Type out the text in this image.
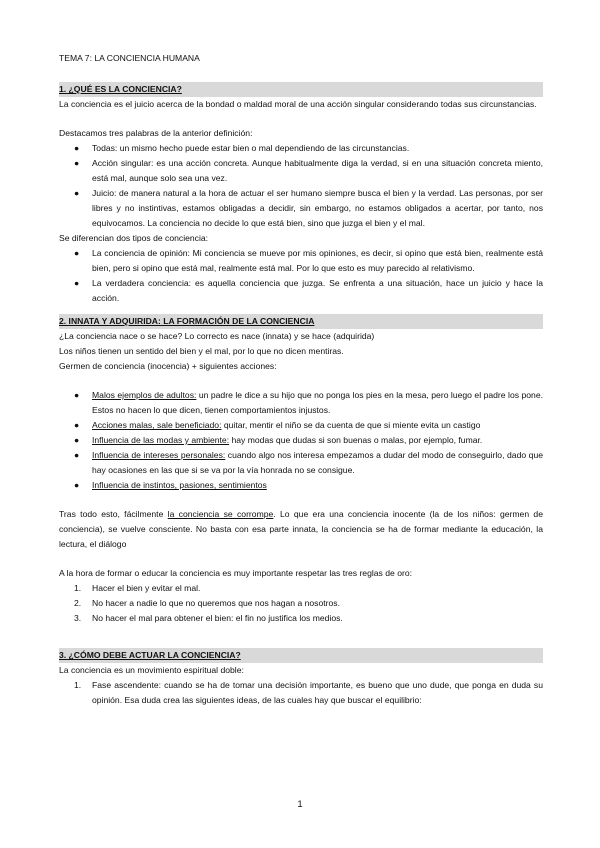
TEMA 7: LA CONCIENCIA HUMANA

1. ¿QUÉ ES LA CONCIENCIA?

La conciencia es el juicio acerca de la bondad o maldad moral de una acción singular considerando todas sus circunstancias.

Destacamos tres palabras de la anterior definición:

● Todas: un mismo hecho puede estar bien o mal dependiendo de las circunstancias.
● Acción singular: es una acción concreta. Aunque habitualmente diga la verdad, si en una situación concreta miento, está mal, aunque solo sea una vez.
● Juicio: de manera natural a la hora de actuar el ser humano siempre busca el bien y la verdad. Las personas, por ser libres y no instintivas, estamos obligadas a decidir, sin embargo, no estamos obligados a acertar, por tanto, nos equivocamos. La conciencia no decide lo que está bien, sino que juzga el bien y el mal.

Se diferencian dos tipos de conciencia:

● La conciencia de opinión: Mi conciencia se mueve por mis opiniones, es decir, si opino que está bien, realmente está bien, pero si opino que está mal, realmente está mal. Por lo que esto es muy parecido al relativismo.
● La verdadera conciencia: es aquella conciencia que juzga. Se enfrenta a una situación, hace un juicio y hace la acción.

2. INNATA Y ADQUIRIDA: LA FORMACIÓN DE LA CONCIENCIA

¿La conciencia nace o se hace? Lo correcto es nace (innata) y se hace (adquirida)

Los niños tienen un sentido del bien y el mal, por lo que no dicen mentiras.

Germen de conciencia (inocencia) + siguientes acciones:

● Malos ejemplos de adultos: un padre le dice a su hijo que no ponga los pies en la mesa, pero luego el padre los pone. Estos no hacen lo que dicen, tienen comportamientos injustos.
● Acciones malas, sale beneficiado: quitar, mentir el niño se da cuenta de que si miente evita un castigo
● Influencia de las modas y ambiente: hay modas que dudas si son buenas o malas, por ejemplo, fumar.
● Influencia de intereses personales: cuando algo nos interesa empezamos a dudar del modo de conseguirlo, dado que hay ocasiones en las que si se va por la vía honrada no se consigue.
● Influencia de instintos, pasiones, sentimientos

Tras todo esto, fácilmente la conciencia se corrompe. Lo que era una conciencia inocente (la de los niños: germen de conciencia), se vuelve consciente. No basta con esa parte innata, la conciencia se ha de formar mediante la educación, la lectura, el diálogo

A la hora de formar o educar la conciencia es muy importante respetar las tres reglas de oro:

1. Hacer el bien y evitar el mal.
2. No hacer a nadie lo que no queremos que nos hagan a nosotros.
3. No hacer el mal para obtener el bien: el fin no justifica los medios.

3. ¿CÓMO DEBE ACTUAR LA CONCIENCIA?

La conciencia es un movimiento espiritual doble:

1. Fase ascendente: cuando se ha de tomar una decisión importante, es bueno que uno dude, que ponga en duda su opinión. Esa duda crea las siguientes ideas, de las cuales hay que buscar el equilibrio:
1
